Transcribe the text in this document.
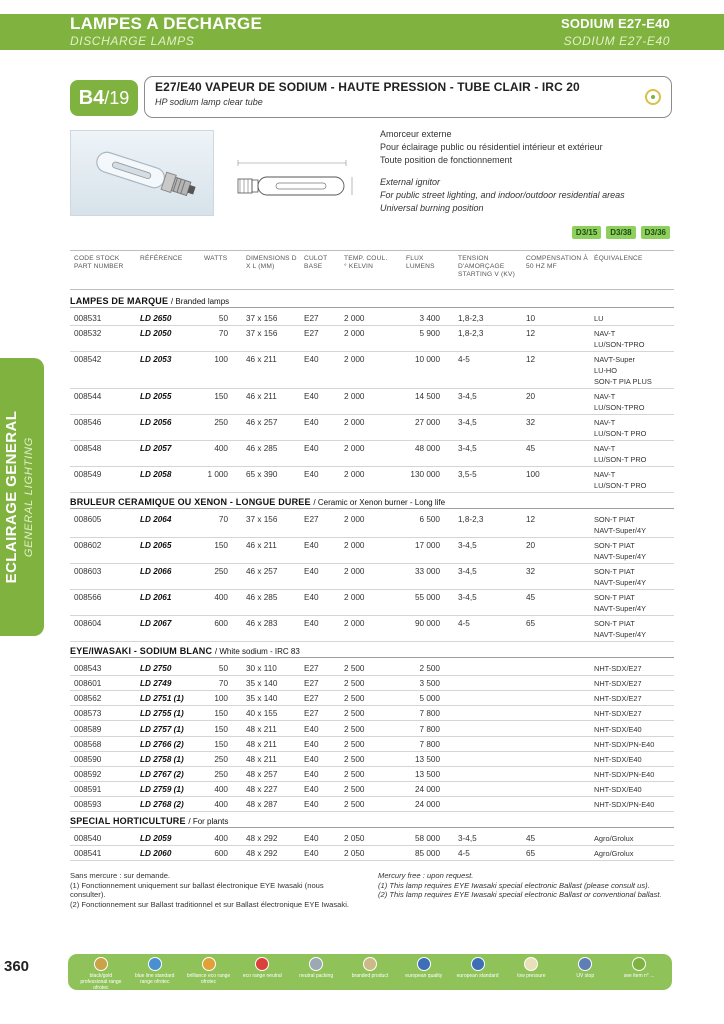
LAMPES A DECHARGE
DISCHARGE LAMPS
SODIUM E27-E40
SODIUM E27-E40
ECLAIRAGE GENERAL GENERAL LIGHTING
B4/19
E27/E40 VAPEUR DE SODIUM - HAUTE PRESSION - TUBE CLAIR - IRC 20
HP sodium lamp clear tube
Amorceur externe
Pour éclairage public ou résidentiel intérieur et extérieur
Toute position de fonctionnement
External ignitor
For public street lighting, and indoor/outdoor residential areas
Universal burning position
D3/15	D3/38	D3/36
CODE STOCK PART NUMBER
RÉFÉRENCE	WATTS	DIMENSIONS D X L (MM)
CULOT BASE
TEMP. COUL. ° KELVIN
FLUX LUMENS
TENSION D'AMORÇAGE STARTING V (KV)
COMPENSATION À 50 HZ ΜF
ÉQUIVALENCE
LAMPES DE MARQUE / Branded lamps
008531	LD 2650	50 37 x 156	E27	2 000	3 400 1,8-2,3	10	LU
008532	LD 2050	70 37 x 156	E27	2 000	5 900 1,8-2,3	12	NAV-T
LU/SON-TPRO
008542	LD 2053	100 46 x 211	E40	2 000	10 000 4-5	12	NAVT-Super
LU-HO
SON-T PIA PLUS
008544	LD 2055	150 46 x 211	E40	2 000	14 500 3-4,5	20	NAV-T
LU/SON-TPRO
008546	LD 2056	250 46 x 257	E40	2 000	27 000 3-4,5	32	NAV-T
LU/SON-T PRO
008548	LD 2057	400 46 x 285	E40	2 000	48 000 3-4,5	45	NAV-T
LU/SON-T PRO
008549	LD 2058	1 000 65 x 390	E40	2 000	130 000 3,5-5	100	NAV-T
LU/SON-T PRO
BRULEUR CERAMIQUE OU XENON - LONGUE DUREE / Ceramic or Xenon burner - Long life
008605	LD 2064	70 37 x 156	E27	2 000	6 500 1,8-2,3	12	SON-T PIAT
NAVT-Super/4Y
008602	LD 2065	150 46 x 211	E40	2 000	17 000 3-4,5	20	SON-T PIAT
NAVT-Super/4Y
008603	LD 2066	250 46 x 257	E40	2 000	33 000 3-4,5	32	SON-T PIAT
NAVT-Super/4Y
008566	LD 2061	400 46 x 285	E40	2 000	55 000 3-4,5	45	SON-T PIAT
NAVT-Super/4Y
008604	LD 2067	600 46 x 283	E40	2 000	90 000 4-5	65	SON-T PIAT
NAVT-Super/4Y
EYE/IWASAKI - SODIUM BLANC / White sodium - IRC 83
008543	LD 2750	50 30 x 110	E27	2 500	2 500	NHT-SDX/E27
008601	LD 2749	70 35 x 140	E27	2 500	3 500	NHT-SDX/E27
008562	LD 2751 (1)	100 35 x 140	E27	2 500	5 000	NHT-SDX/E27
008573	LD 2755 (1)	150 40 x 155	E27	2 500	7 800	NHT-SDX/E27
008589	LD 2757 (1)	150 48 x 211	E40	2 500	7 800	NHT-SDX/E40
008568	LD 2766 (2)	150 48 x 211	E40	2 500	7 800	NHT-SDX/PN-E40
008590	LD 2758 (1)	250 48 x 211	E40	2 500	13 500	NHT-SDX/E40
008592	LD 2767 (2)	250 48 x 257	E40	2 500	13 500	NHT-SDX/PN-E40
008591	LD 2759 (1)	400 48 x 227	E40	2 500	24 000	NHT-SDX/E40
008593	LD 2768 (2)	400 48 x 287	E40	2 500	24 000	NHT-SDX/PN-E40
SPECIAL HORTICULTURE / For plants
008540	LD 2059	400 48 x 292	E40	2 050	58 000 3-4,5	45	Agro/Grolux
008541	LD 2060	600 48 x 292	E40	2 050	85 000 4-5	65	Agro/Grolux
Sans mercure : sur demande.
(1) Fonctionnement uniquement sur ballast électronique EYE Iwasaki (nous consulter).
(2) Fonctionnement sur Ballast traditionnel et sur Ballast électronique EYE Iwasaki.
Mercury free : upon request.
(1) This lamp requires EYE Iwasaki special electronic Ballast (please consult us).
(2) This lamp requires EYE Iwasaki special electronic Ballast or conventional ballast.
360
black/gold professional range ofrotec
blue line standard range ofrotec
brilliance eco range ofrotec
eco range neutral	neutral packing	branded product	european quality	european standard	low pressure	UV stop	see item n° ...
